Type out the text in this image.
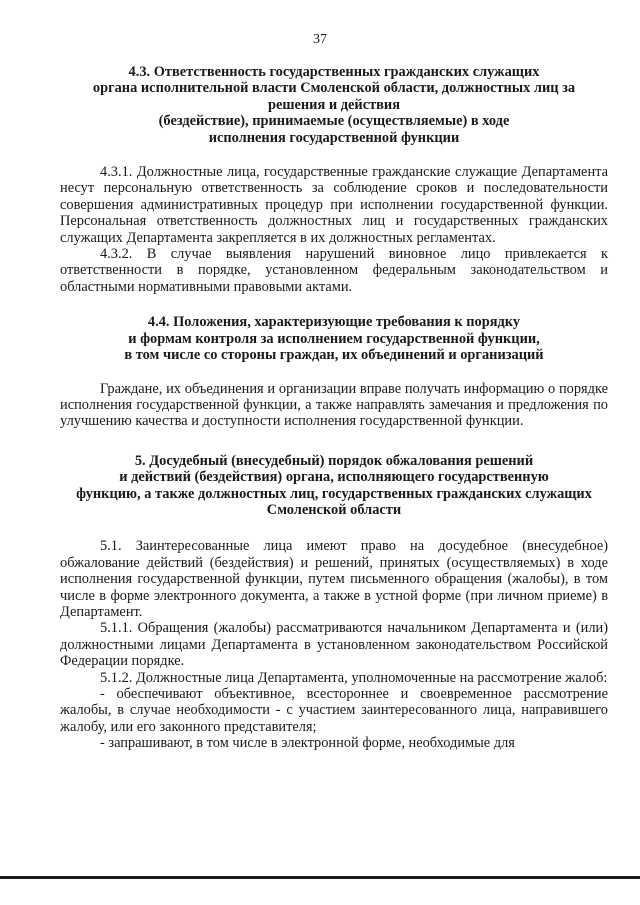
37
4.3. Ответственность государственных гражданских служащих
органа исполнительной власти Смоленской области, должностных лиц за
решения и действия
(бездействие), принимаемые (осуществляемые) в ходе
исполнения государственной функции

4.3.1. Должностные лица, государственные гражданские служащие Департамента несут персональную ответственность за соблюдение сроков и последовательности совершения административных процедур при исполнении государственной функции. Персональная ответственность должностных лиц и государственных гражданских служащих Департамента закрепляется в их должностных регламентах.

4.3.2. В случае выявления нарушений виновное лицо привлекается к ответственности в порядке, установленном федеральным законодательством и областными нормативными правовыми актами.

4.4. Положения, характеризующие требования к порядку
и формам контроля за исполнением государственной функции,
в том числе со стороны граждан, их объединений и организаций

Граждане, их объединения и организации вправе получать информацию о порядке исполнения государственной функции, а также направлять замечания и предложения по улучшению качества и доступности исполнения государственной функции.

5. Досудебный (внесудебный) порядок обжалования решений
и действий (бездействия) органа, исполняющего государственную
функцию, а также должностных лиц, государственных гражданских служащих
Смоленской области

5.1. Заинтересованные лица имеют право на досудебное (внесудебное) обжалование действий (бездействия) и решений, принятых (осуществляемых) в ходе исполнения государственной функции, путем письменного обращения (жалобы), в том числе в форме электронного документа, а также в устной форме (при личном приеме) в Департамент.

5.1.1. Обращения (жалобы) рассматриваются начальником Департамента и (или) должностными лицами Департамента в установленном законодательством Российской Федерации порядке.

5.1.2. Должностные лица Департамента, уполномоченные на рассмотрение жалоб:

- обеспечивают объективное, всестороннее и своевременное рассмотрение жалобы, в случае необходимости - с участием заинтересованного лица, направившего жалобу, или его законного представителя;

- запрашивают, в том числе в электронной форме, необходимые для
